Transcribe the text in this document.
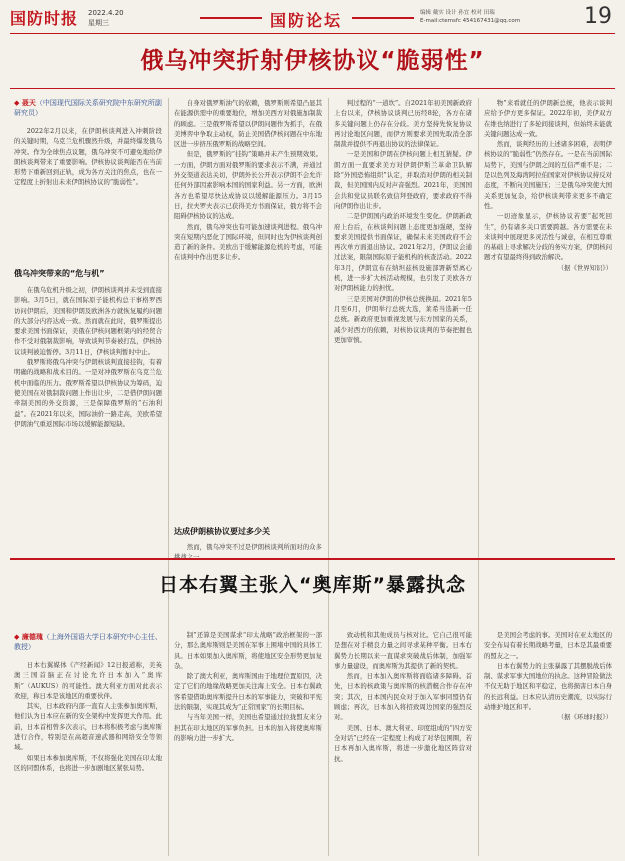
国防时报 2022.4.20
星期三	国防论坛	编辑 戴实 设计 孙宜 校对 田瑞
E-mail:ctemsfc 454167431@qq.com	19
俄乌冲突折射伊核协议“脆弱性”
◆ 聂天（中国现代国际关系研究院中东研究所副研究员）

2022年2月以来，在伊朗核谈判进入冲刺阶段的关键时期，乌克兰危机骤然升级，并最终爆发俄乌冲突。作为全球焦点议题，俄乌冲突不可避免地给伊朗核谈判带来了重要影响。伊核协议谈判能否在当前形势下重新回到正轨，成为各方关注的焦点，也在一定程度上折射出未来伊朗核协议的“脆弱性”。

俄乌冲突带来的“危与机”

在俄乌危机升级之初，伊朗核谈判并未受到直接影响。3月5日，就在国际原子能机构总干事格罗西访问伊朗后，美国和伊朗及欧洲各方就恢复履约问题的大部分内容达成一致。然而就在此时，俄罗斯提出要求美国书面保证，美俄在伊核问题框架内的经贸合作不受对俄制裁影响，导致谈判节奏被打乱，伊核协议谈判被迫暂停。3月11日，伊核谈判暂时中止。

俄罗斯将俄乌冲突与伊朗核谈判直接挂钩，有着明确的战略和战术目的。一是对冲俄罗斯在乌克兰危机中面临的压力。俄罗斯希望以伊核协议为筹码，迫使美国在对俄制裁问题上作出让步，二是借伊朗问题牵制美国的外交资源，三是保障俄罗斯的“石油利益”。在2021年以来，国际油价一路走高，美欧希望伊朗油气重返国际市场以缓解能源短缺。

自身对俄罗斯油气的依赖，俄罗斯则希望凸显其在能源供需中的重要地位，增加美西方对俄施加制裁的顾虑。三是俄罗斯希望以伊朗问题作为抓手，在俄美博弈中争取主动权，防止美国借伊核问题在中东地区进一步挤压俄罗斯的战略空间。

但是，俄罗斯的“挂钩”策略并未产生预期效果。一方面，伊朗方面对俄罗斯的要求表示不满，并通过外交渠道表达关切，伊朗外长公开表示伊朗不会允许任何外部因素影响本国的国家利益。另一方面，欧洲各方也希望尽快达成协议以缓解能源压力。3月15日，拉夫罗夫表示已获得美方书面保证，俄方将不会阻碍伊核协议的达成。

然而，俄乌冲突也有可能加速谈判进程。俄乌冲突在短期内恶化了国际环境，但同时也为伊核谈判创造了新的条件。美欧出于缓解能源危机的考虑，可能在谈判中作出更多让步。

达成伊朗核协议要过多少关

然而，俄乌冲突不过是伊朗核谈判所面对的众多

判过程的“一道坎”。自2021年初美国新政府上台以来，伊核协议谈判已历经8轮，各方在诸多关键问题上仍存在分歧。美方坚持先恢复协议再讨论地区问题，而伊方则要求美国先取消全部制裁并提供不再退出协议的法律保证。

一是美国和伊朗在伊核问题上相互猜疑。伊朗方面一直要求美方对伊朗伊斯兰革命卫队解除“外国恐怖组织”认定，并取消对伊朗的相关制裁，但美国国内反对声音强烈。2021年，美国国会共和党议员联名致信拜登政府，要求政府不得向伊朗作出让步。

二是伊朗国内政治环境发生变化。伊朗新政府上台后，在核谈判问题上态度更加强硬，坚持要求美国提供书面保证，确保未来美国政府不会再次单方面退出协议。2021年2月，伊朗议会通过法案，限制国际原子能机构的核查活动。2022年3月，伊朗宣布在纳坦兹核设施部署新型离心机，进一步扩大核活动规模，也引发了美欧各方对伊朗核能力的担忧。

三是美国对伊朗的伊核总统换届。2021年5月至6月，伊朗举行总统大选，莱希当选新一任总统。新政府更加重视发展与东方国家的关系，减少对西方的依赖，对核协议谈判的节奏把握也更加审慎。

物”来看就任的伊朗新总统，他表示谈判应给予伊方更多保证。2022年初，美伊双方在维也纳进行了多轮间接谈判，但始终未能就关键问题达成一致。

然而，谈判经历的上述诸多困难，表明伊核协议的“脆弱性”仍然存在。一是在当前国际局势下，美国与伊朗之间的互信严重不足；二是以色列及海湾阿拉伯国家对伊核协议持反对态度，不断向美国施压；三是俄乌冲突使大国关系更加复杂，给伊核谈判带来更多不确定性。

一切迹象显示，伊核协议若要“起死回生”，仍有诸多关口需要跨越。各方需要在未来谈判中展现更多灵活性与诚意，在相互尊重的基础上寻求解决分歧的务实方案，伊朗核问题才有望最终得到政治解决。

（据《世界知识》）

日本右翼主张入“奥库斯”暴露执念
◆ 廉德瑰（上海外国语大学日本研究中心主任、教授）

日本右翼媒体《产经新闻》12日报道称，美英澳三国首脑正在讨论允许日本加入“奥库斯”（AUKUS）的可能性。澳大利亚方面对此表示欢迎，称日本是该地区的重要伙伴。

其实，日本政府内部一直有人主张参加奥库斯，他们认为日本应在新的安全架构中发挥更大作用。此前，日本首相曾多次表示，日本将积极考虑与奥库斯进行合作，特别是在高超音速武器和网络安全等领域。

如果日本参加奥库斯，不仅将强化美国在印太地区的同盟体系，也将进一步加剧地区紧张局势。

制”还算是美国谋求“印太战略”政治框架的一部分，那么奥库斯则是美国在军事上围堵中国的具体工具。日本如果加入奥库斯，将使地区安全形势更加复杂。

除了澳大利亚，奥库斯国由于地理位置原因，决定了它们的地缘战略更加关注海上安全。日本右翼政客希望借助奥库斯提升日本的军事能力，突破和平宪法的限制，实现其成为“正常国家”的长期目标。

与当年美国一样，美国也希望通过拉拢盟友来分担其在印太地区的军事负担。日本的加入将使奥库斯的影响力进一步扩大。

致动机和其他成员与核对比。它自己很可能是想在对手精良力量之间寻求某种平衡。日本右翼势力长期以来一直谋求突破战后体制，加强军事力量建设，而奥库斯为其提供了新的契机。

然而，日本加入奥库斯将面临诸多障碍。首先，日本的核政策与奥库斯的核潜艇合作存在冲突；其次，日本国内民众对于加入军事同盟仍有顾虑；再次，日本加入将招致周边国家的强烈反对。

美国、日本、澳大利亚、印度组成的“四方安全对话”已经在一定程度上构成了对华包围圈，若日本再加入奥库斯，将进一步激化地区阵营对抗。

是美国会考虑的事。美国对在亚太地区的安全布局有着长期战略考量，日本是其最重要的盟友之一。

日本右翼势力的主张暴露了其摆脱战后体制、谋求军事大国地位的执念。这种冒险做法不仅无助于地区和平稳定，也将损害日本自身的长远利益。日本应认清历史潮流，以实际行动维护地区和平。

（据《环球时报》）
